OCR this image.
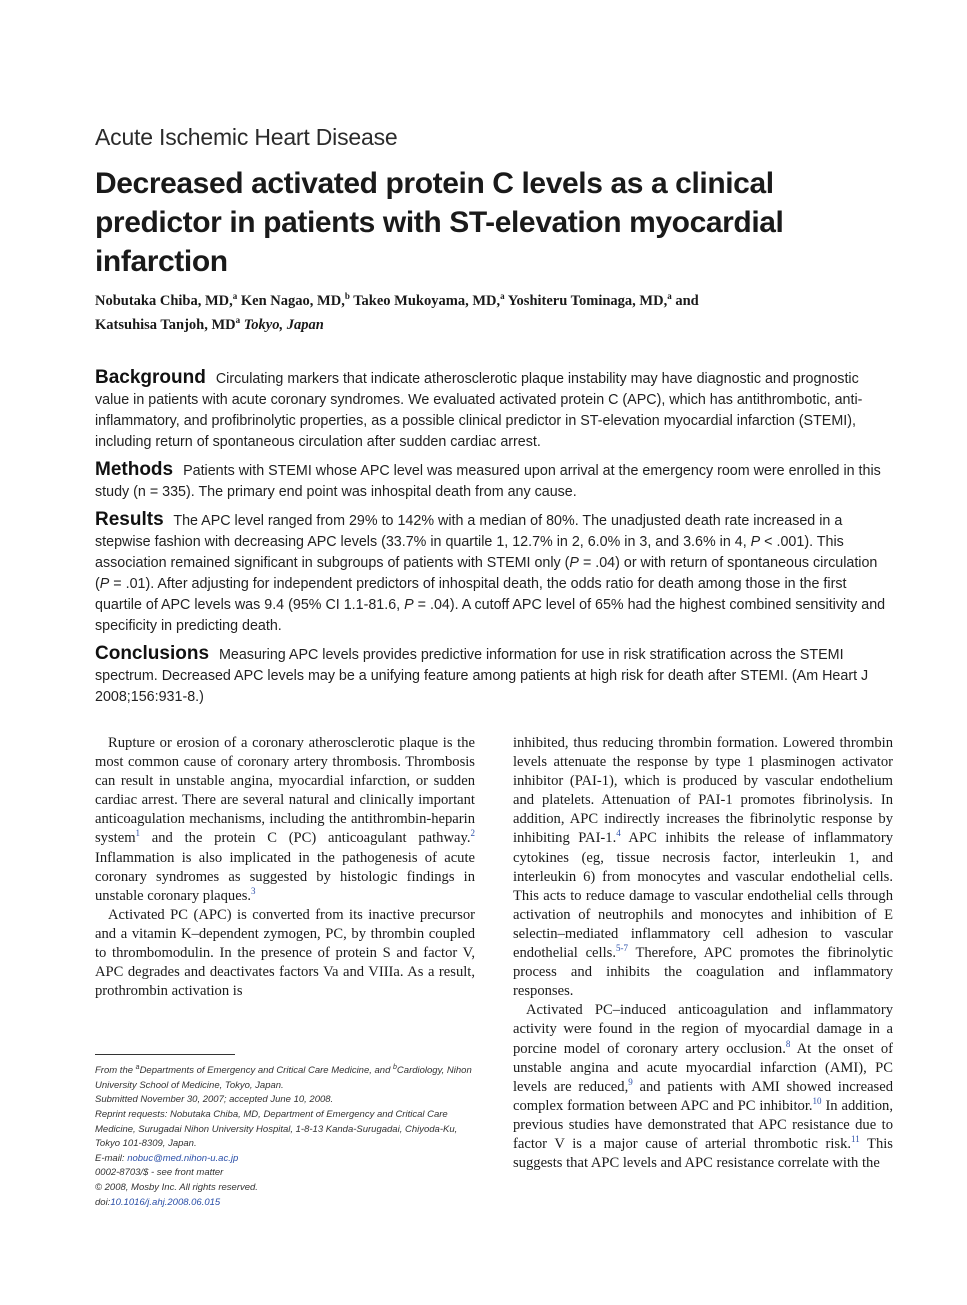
Acute Ischemic Heart Disease
Decreased activated protein C levels as a clinical predictor in patients with ST-elevation myocardial infarction
Nobutaka Chiba, MD,$^a$ Ken Nagao, MD,$^b$ Takeo Mukoyama, MD,$^a$ Yoshiteru Tominaga, MD,$^a$ and
Katsuhisa Tanjoh, $MD^a$ Tokyo, Japan

Background Circulating markers that indicate atherosclerotic plaque instability may have diagnostic and prognostic value in patients with acute coronary syndromes. We evaluated activated protein C (APC), which has antithrombotic, anti-inflammatory, and profibrinolytic properties, as a possible clinical predictor in ST-elevation myocardial infarction (STEMI), including return of spontaneous circulation after sudden cardiac arrest.

Methods Patients with STEMI whose APC level was measured upon arrival at the emergency room were enrolled in this study (n = 335). The primary end point was inhospital death from any cause.

Results The APC level ranged from 29% to 142% with a median of 80%. The unadjusted death rate increased in a stepwise fashion with decreasing APC levels (33.7% in quartile 1, 12.7% in 2, 6.0% in 3, and 3.6% in 4, P < .001). This association remained significant in subgroups of patients with STEMI only (P = .04) or with return of spontaneous circulation (P = .01). After adjusting for independent predictors of inhospital death, the odds ratio for death among those in the first quartile of APC levels was 9.4 (95% CI 1.1-81.6, P = .04). A cutoff APC level of 65% had the highest combined sensitivity and specificity in predicting death.

Conclusions Measuring APC levels provides predictive information for use in risk stratification across the STEMI spectrum. Decreased APC levels may be a unifying feature among patients at high risk for death after STEMI. (Am Heart J 2008;156:931-8.)

Rupture or erosion of a coronary atherosclerotic plaque is the most common cause of coronary artery thrombosis. Thrombosis can result in unstable angina, myocardial infarction, or sudden cardiac arrest. There are several natural and clinically important anticoagulation mechanisms, including the antithrombin-heparin system$^1$ and the protein C (PC) anticoagulant pathway.$^2$ Inflammation is also implicated in the pathogenesis of acute coronary syndromes as suggested by histologic findings in unstable coronary plaques.$^3$

Activated PC (APC) is converted from its inactive precursor and a vitamin K–dependent zymogen, PC, by thrombin coupled to thrombomodulin. In the presence of protein S and factor V, APC degrades and deactivates factors Va and VIIIa. As a result, prothrombin activation is

inhibited, thus reducing thrombin formation. Lowered thrombin levels attenuate the response by type 1 plasminogen activator inhibitor (PAI-1), which is produced by vascular endothelium and platelets. Attenuation of PAI-1 promotes fibrinolysis. In addition, APC indirectly increases the fibrinolytic response by inhibiting PAI-1.$^4$ APC inhibits the release of inflammatory cytokines (eg, tissue necrosis factor, interleukin 1, and interleukin 6) from monocytes and vascular endothelial cells. This acts to reduce damage to vascular endothelial cells through activation of neutrophils and monocytes and inhibition of E selectin–mediated inflammatory cell adhesion to vascular endothelial cells.$^{5-7}$ Therefore, APC promotes the fibrinolytic process and inhibits the coagulation and inflammatory responses.

Activated PC–induced anticoagulation and inflammatory activity were found in the region of myocardial damage in a porcine model of coronary artery occlusion.$^8$ At the onset of unstable angina and acute myocardial infarction (AMI), PC levels are reduced,$^9$ and patients with AMI showed increased complex formation between APC and PC inhibitor.$^{10}$ In addition, previous studies have demonstrated that APC resistance due to factor V is a major cause of arterial thrombotic risk.$^{11}$ This suggests that APC levels and APC resistance correlate with the

From the $^a$Departments of Emergency and Critical Care Medicine, and $^b$Cardiology, Nihon University School of Medicine, Tokyo, Japan.
Submitted November 30, 2007; accepted June 10, 2008.
Reprint requests: Nobutaka Chiba, MD, Department of Emergency and Critical Care Medicine, Surugadai Nihon University Hospital, 1-8-13 Kanda-Surugadai, Chiyoda-Ku, Tokyo 101-8309, Japan.
E-mail: nobuc@med.nihon-u.ac.jp
0002-8703/$ - see front matter
© 2008, Mosby Inc. All rights reserved.
doi:10.1016/j.ahj.2008.06.015
